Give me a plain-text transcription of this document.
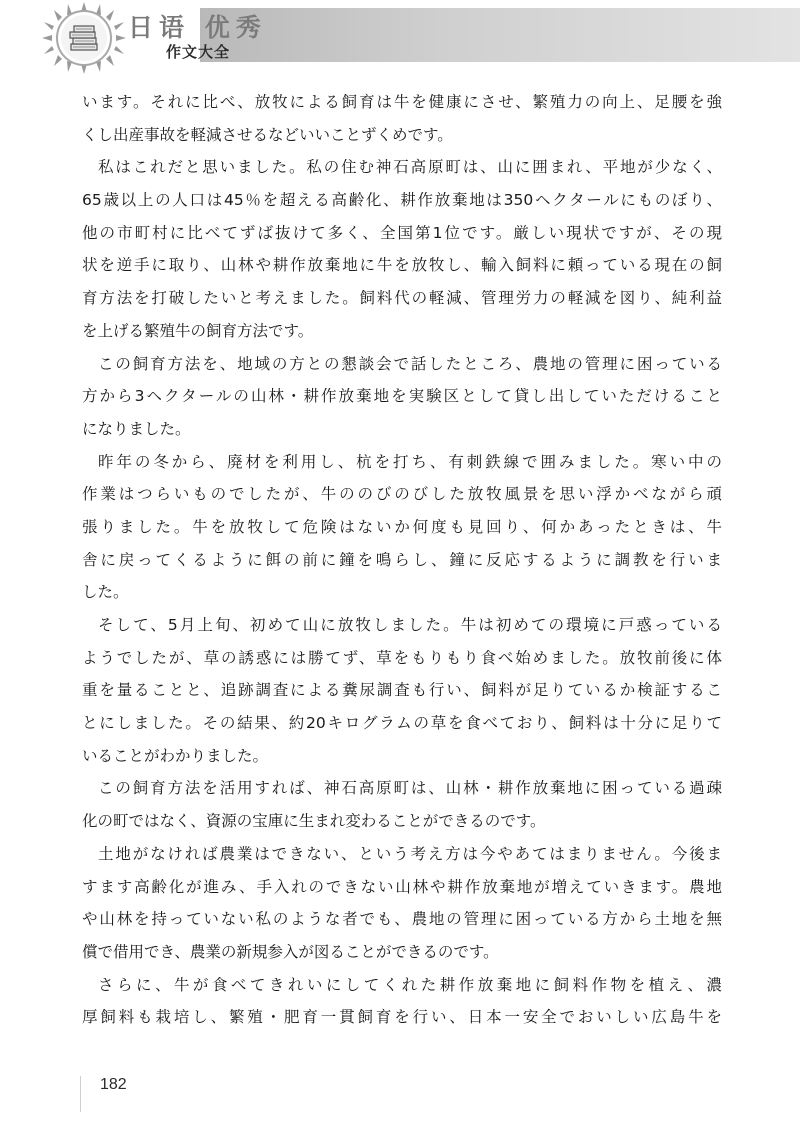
日语 优秀
作文大全
います。それに比べ、放牧による飼育は牛を健康にさせ、繁殖力の向上、足腰を強
くし出産事故を軽減させるなどいいことずくめです。
私はこれだと思いました。私の住む神石高原町は、山に囲まれ、平地が少なく、
65歳以上の人口は45％を超える高齢化、耕作放棄地は350ヘクタールにものぼり、
他の市町村に比べてずば抜けて多く、全国第1位です。厳しい現状ですが、その現
状を逆手に取り、山林や耕作放棄地に牛を放牧し、輸入飼料に頼っている現在の飼
育方法を打破したいと考えました。飼料代の軽減、管理労力の軽減を図り、純利益
を上げる繁殖牛の飼育方法です。
この飼育方法を、地域の方との懇談会で話したところ、農地の管理に困っている
方から3ヘクタールの山林・耕作放棄地を実験区として貸し出していただけること
になりました。
昨年の冬から、廃材を利用し、杭を打ち、有刺鉄線で囲みました。寒い中の
作業はつらいものでしたが、牛ののびのびした放牧風景を思い浮かべながら頑
張りました。牛を放牧して危険はないか何度も見回り、何かあったときは、牛
舎に戻ってくるように餌の前に鐘を鳴らし、鐘に反応するように調教を行いま
した。
そして、5月上旬、初めて山に放牧しました。牛は初めての環境に戸惑っている
ようでしたが、草の誘惑には勝てず、草をもりもり食べ始めました。放牧前後に体
重を量ることと、追跡調査による糞尿調査も行い、飼料が足りているか検証するこ
とにしました。その結果、約20キログラムの草を食べており、飼料は十分に足りて
いることがわかりました。
この飼育方法を活用すれば、神石高原町は、山林・耕作放棄地に困っている過疎
化の町ではなく、資源の宝庫に生まれ変わることができるのです。
土地がなければ農業はできない、という考え方は今やあてはまりません。今後ま
すます高齢化が進み、手入れのできない山林や耕作放棄地が増えていきます。農地
や山林を持っていない私のような者でも、農地の管理に困っている方から土地を無
償で借用でき、農業の新規参入が図ることができるのです。
さらに、牛が食べてきれいにしてくれた耕作放棄地に飼料作物を植え、濃
厚飼料も栽培し、繁殖・肥育一貫飼育を行い、日本一安全でおいしい広島牛を
182
